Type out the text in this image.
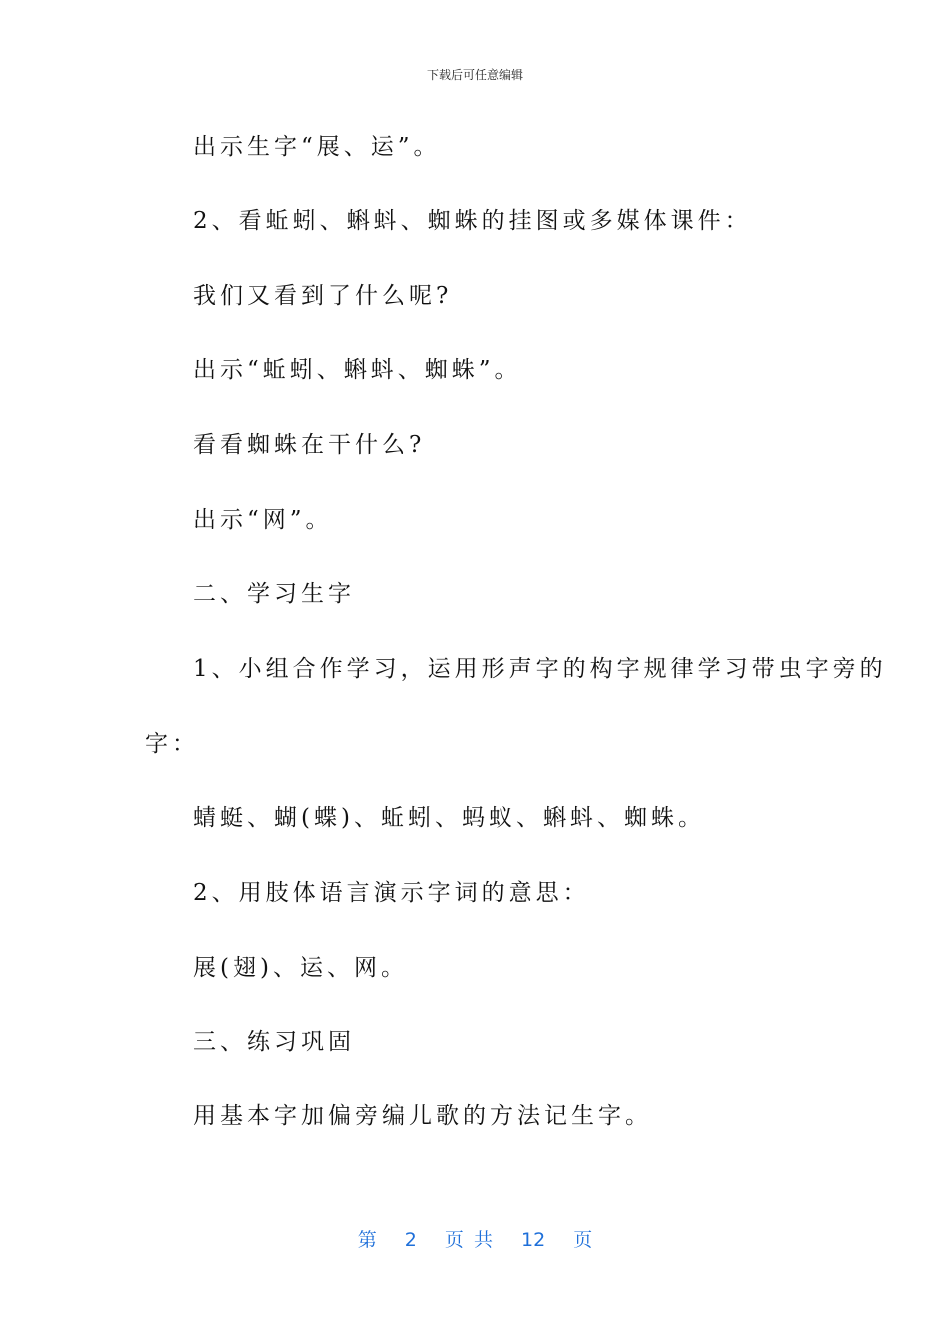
下载后可任意编辑
出示生字“展、运”。
2、看蚯蚓、蝌蚪、蜘蛛的挂图或多媒体课件：
我们又看到了什么呢?
出示“蚯蚓、蝌蚪、蜘蛛”。
看看蜘蛛在干什么?
出示“网”。
二、学习生字
1、小组合作学习，运用形声字的构字规律学习带虫字旁的
字：
蜻蜓、蝴(蝶)、蚯蚓、蚂蚁、蝌蚪、蜘蛛。
2、用肢体语言演示字词的意思：
展(翅)、运、网。
三、练习巩固
用基本字加偏旁编儿歌的方法记生字。
第 2 页 共 12 页
